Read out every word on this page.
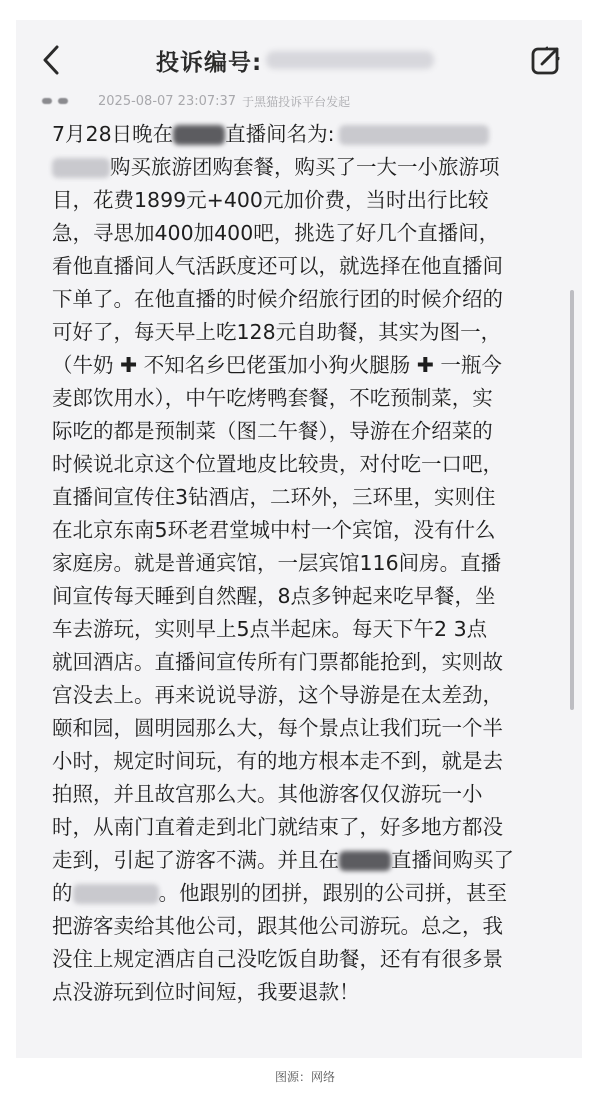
投诉编号:
2025-08-07 23:07:37 于黑猫投诉平台发起

7月28日晚在	直播间名为:

购买旅游团购套餐，购买了一大一小旅游项

目，花费1899元+400元加价费，当时出行比较

急，寻思加400加400吧，挑选了好几个直播间，

看他直播间人气活跃度还可以，就选择在他直播间

下单了。在他直播的时候介绍旅行团的时候介绍的

可好了，每天早上吃128元自助餐，其实为图一，

（牛奶 ✚ 不知名乡巴佬蛋加小狗火腿肠 ✚ 一瓶今

麦郎饮用水），中午吃烤鸭套餐，不吃预制菜，实

际吃的都是预制菜（图二午餐），导游在介绍菜的

时候说北京这个位置地皮比较贵，对付吃一口吧，

直播间宣传住3钻酒店，二环外，三环里，实则住

在北京东南5环老君堂城中村一个宾馆，没有什么

家庭房。就是普通宾馆，一层宾馆116间房。直播

间宣传每天睡到自然醒，8点多钟起来吃早餐，坐

车去游玩，实则早上5点半起床。每天下午2 3点

就回酒店。直播间宣传所有门票都能抢到，实则故

宫没去上。再来说说导游，这个导游是在太差劲，

颐和园，圆明园那么大，每个景点让我们玩一个半

小时，规定时间玩，有的地方根本走不到，就是去

拍照，并且故宫那么大。其他游客仅仅游玩一小

时，从南门直着走到北门就结束了，好多地方都没

走到，引起了游客不满。并且在	直播间购买了

的	。他跟别的团拼，跟别的公司拼，甚至

把游客卖给其他公司，跟其他公司游玩。总之，我

没住上规定酒店自己没吃饭自助餐，还有有很多景

点没游玩到位时间短，我要退款！

图源：网络
